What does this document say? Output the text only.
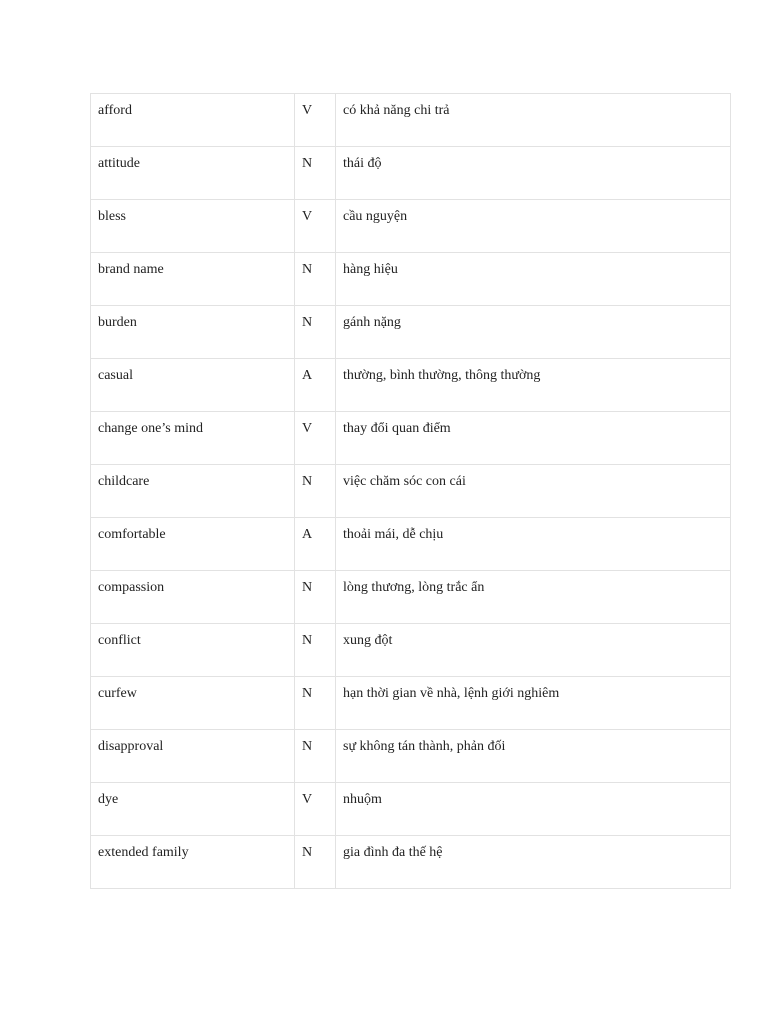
afford	V	có khả năng chi trả
attitude	N	thái độ
bless	V	cầu nguyện
brand name	N	hàng hiệu
burden	N	gánh nặng
casual	A	thường, bình thường, thông thường
change one’s mind	V	thay đổi quan điểm
childcare	N	việc chăm sóc con cái
comfortable	A	thoải mái, dễ chịu
compassion	N	lòng thương, lòng trắc ẩn
conflict	N	xung đột
curfew	N	hạn thời gian về nhà, lệnh giới nghiêm
disapproval	N	sự không tán thành, phản đối
dye	V	nhuộm
extended family	N	gia đình đa thế hệ
